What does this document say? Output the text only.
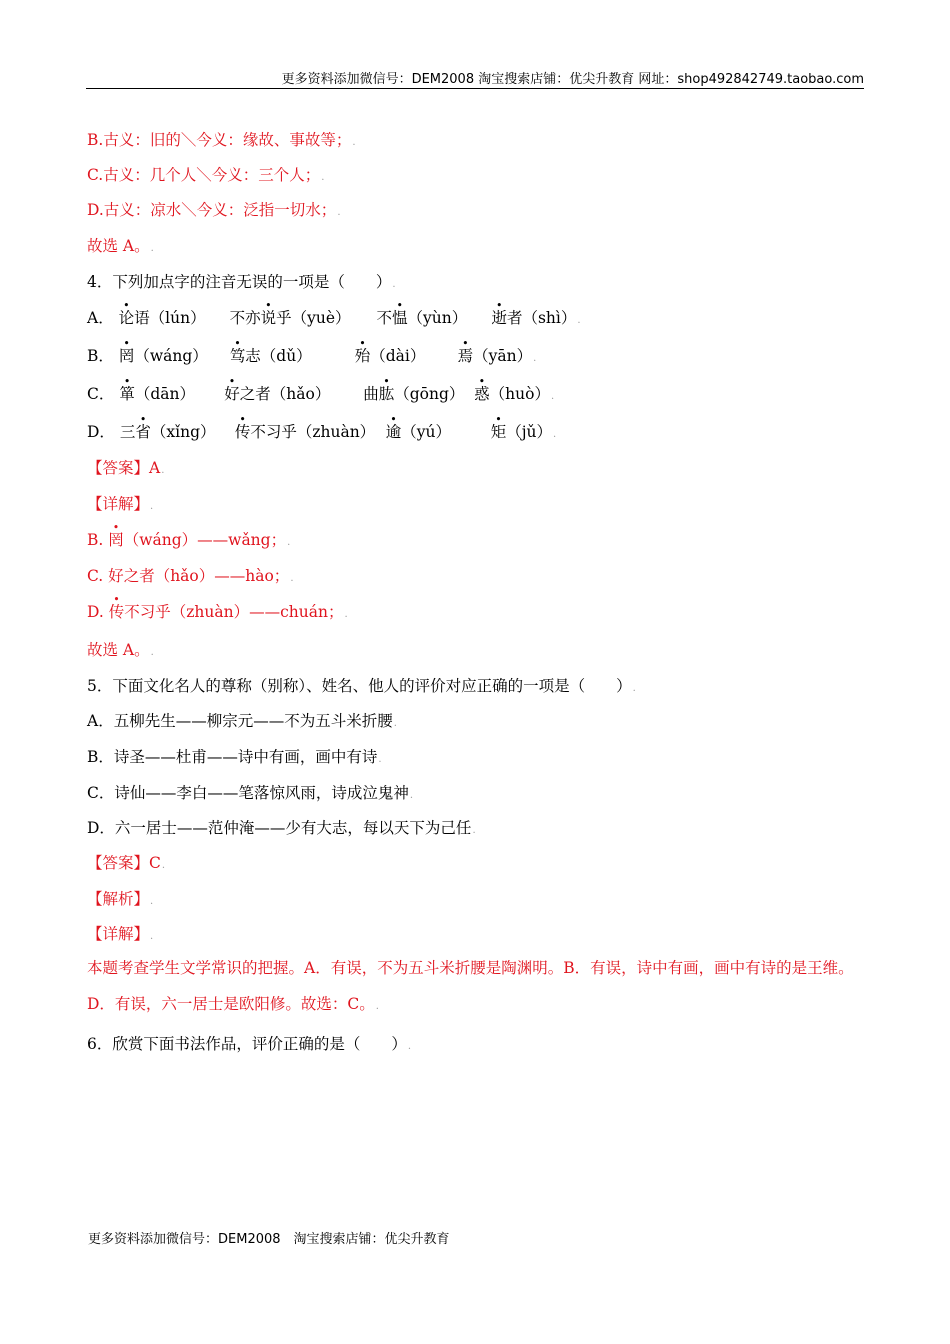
更多资料添加微信号：DEM2008 淘宝搜索店铺：优尖升教育 网址：shop492842749.taobao.com
B.古义：旧的＼今义：缘故、事故等；.
C.古义：几个人＼今义：三个人；.
D.古义：凉水＼今义：泛指一切水；.
故选 A。.
4．下列加点字的注音无误的一项是（　　）.
A．
•
论语（lún） 不亦
•
说乎（yuè） 不
•
愠（yùn）
•
逝者（shì）.
B．
•
罔（wáng）
•
笃志（dǔ）
•
殆（dài）
•
焉（yān）.
C．
•
箪（dān）
•
好之者（hǎo） 曲
•
肱（gōng）
•
惑（huò）.
D． 三
•
省（xǐng）
•
传不习乎（zhuàn）
•
逾（yú）
•
矩（jǔ）.
【答案】A.
【详解】.
B.
•
罔（wáng）——wǎng；.
C. 好之者（hǎo）——hào；.
D.
•
传不习乎（zhuàn）——chuán；.
故选 A。.
5．下面文化名人的尊称（别称）、姓名、他人的评价对应正确的一项是（　　）.
A．五柳先生——柳宗元——不为五斗米折腰.
B．诗圣——杜甫——诗中有画，画中有诗.
C．诗仙——李白——笔落惊风雨，诗成泣鬼神.
D．六一居士——范仲淹——少有大志，每以天下为己任.
【答案】C.
【解析】.
【详解】.
本题考查学生文学常识的把握。A．有误，不为五斗米折腰是陶渊明。B．有误，诗中有画，画中有诗的是王维。D．有误，六一居士是欧阳修。故选：C。.
6．欣赏下面书法作品，评价正确的是（　　）.
更多资料添加微信号：DEM2008　淘宝搜索店铺：优尖升教育
